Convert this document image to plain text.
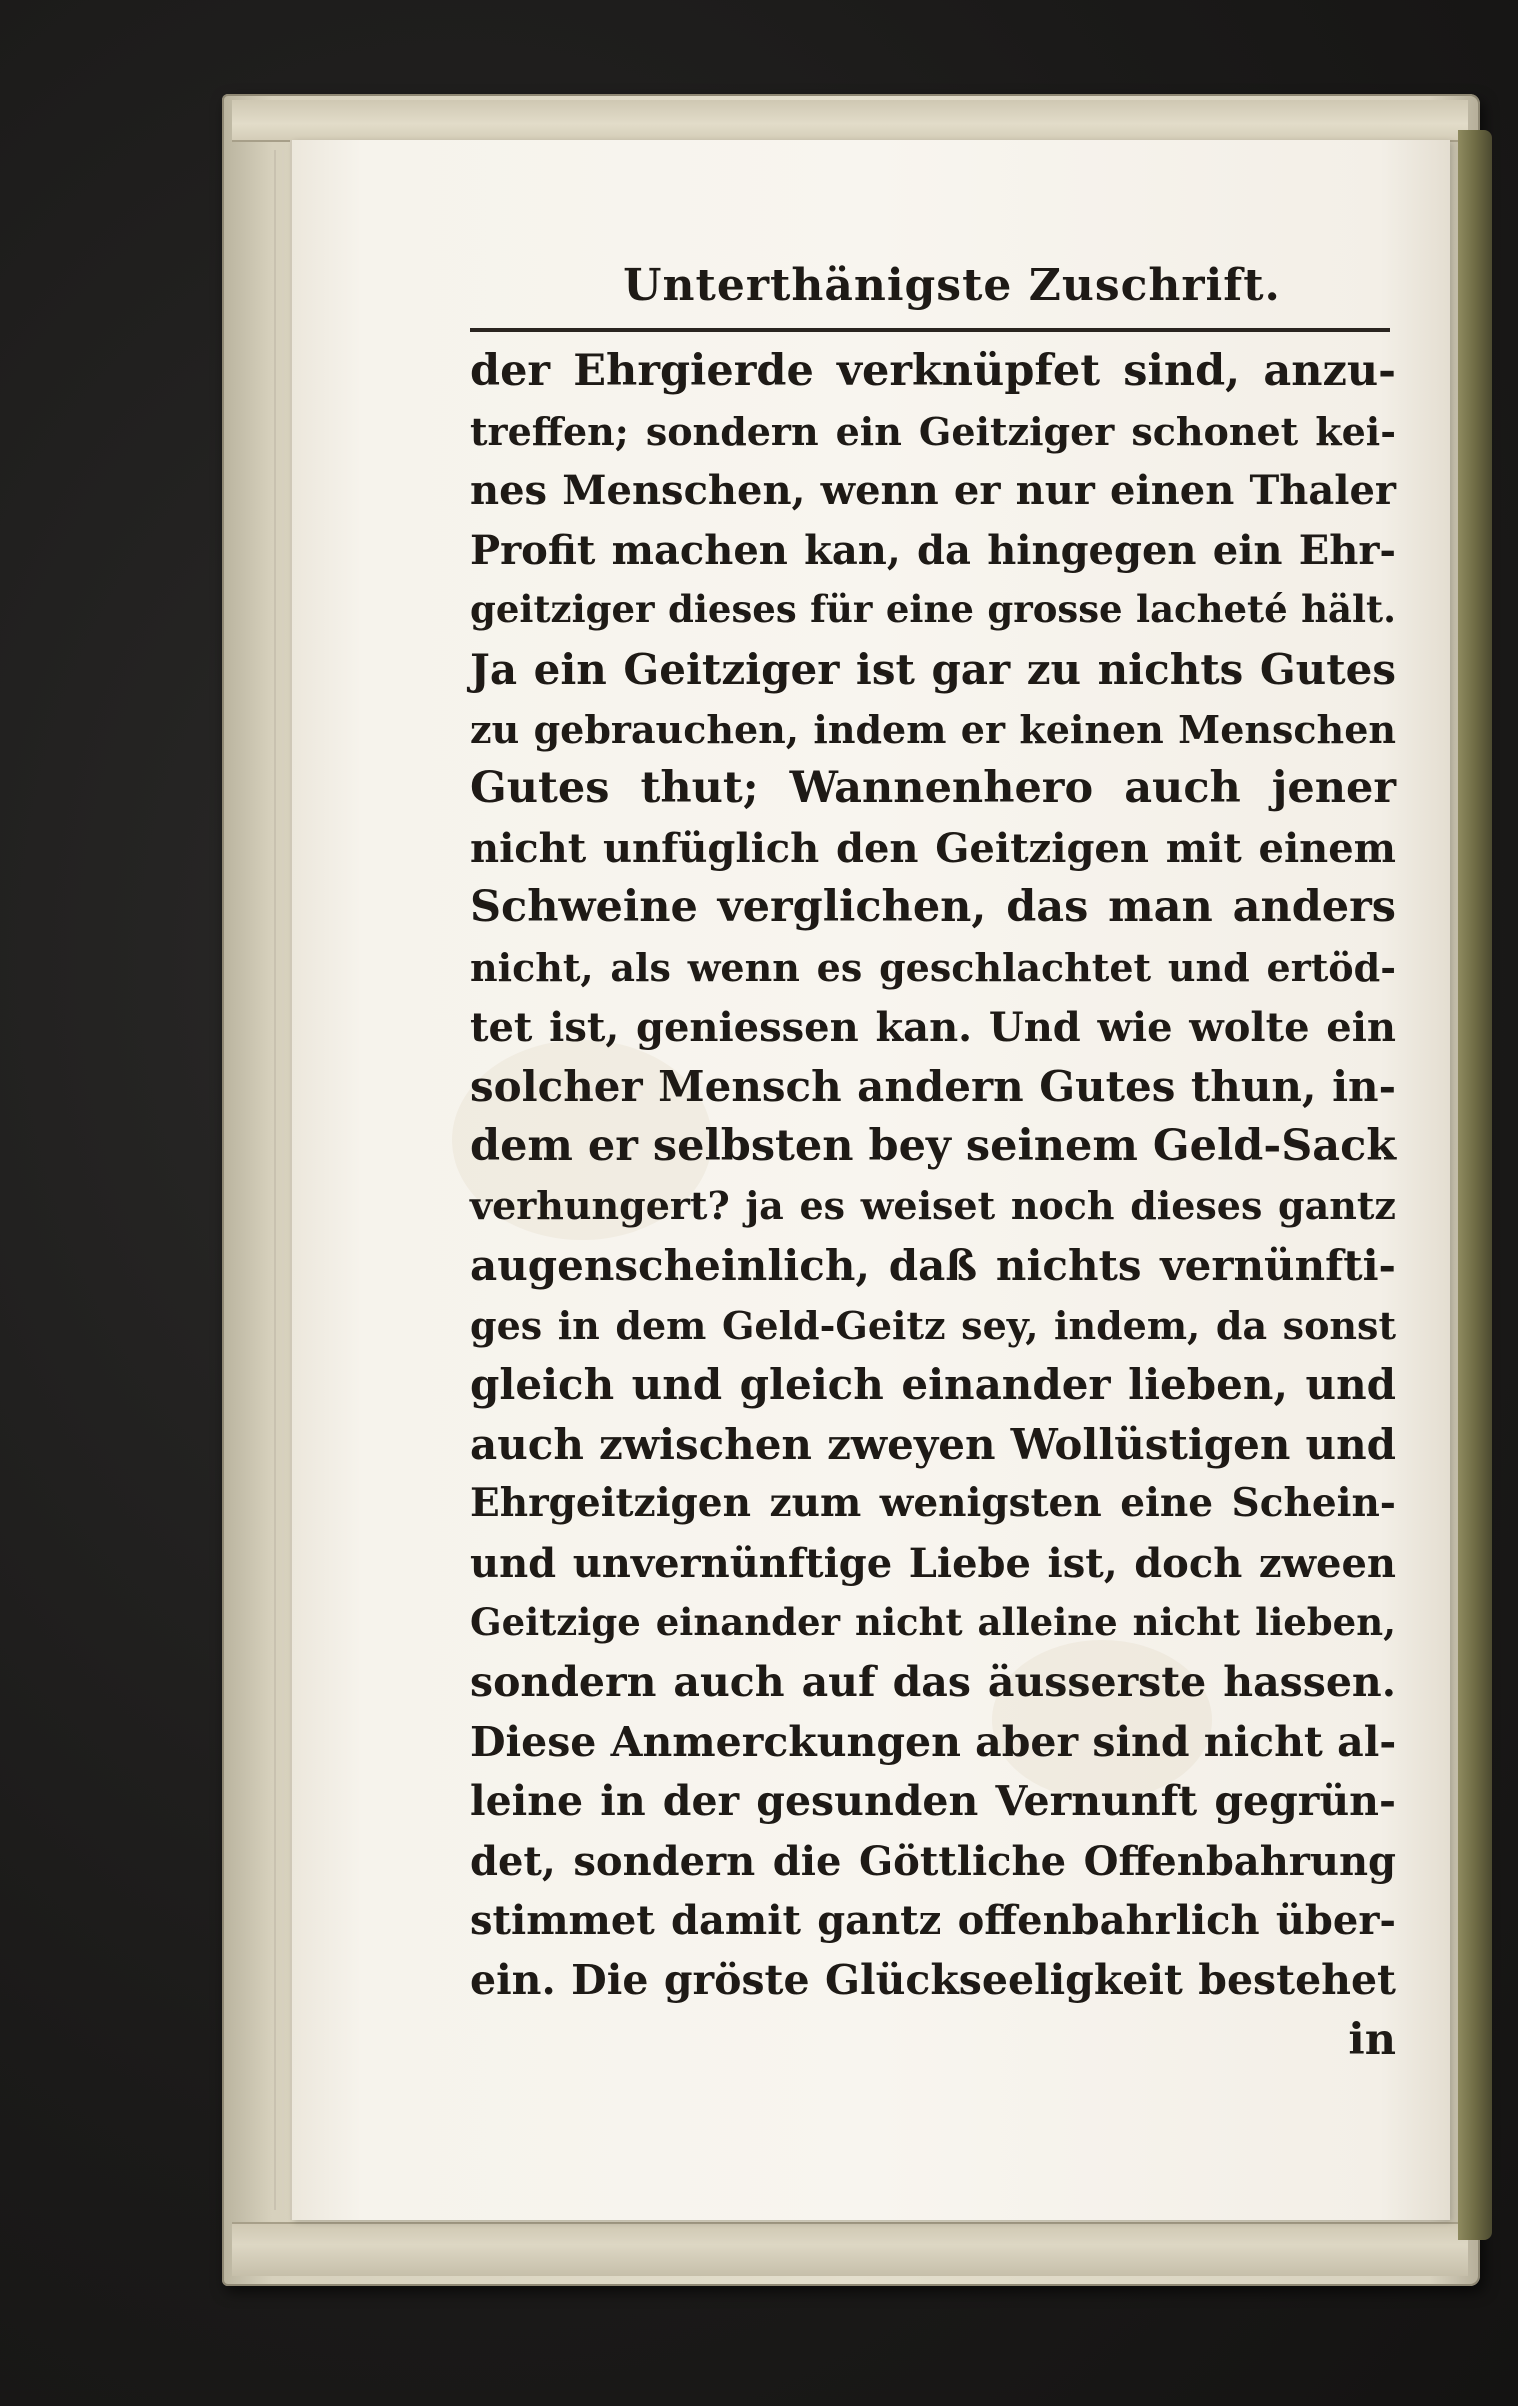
Unterthänigste Zuschrift.
der Ehrgierde verknüpfet sind, anzu-
treffen; sondern ein Geitziger schonet kei-
nes Menschen, wenn er nur einen Thaler
Profit machen kan, da hingegen ein Ehr-
geitziger dieses für eine grosse lacheté hält.
Ja ein Geitziger ist gar zu nichts Gutes
zu gebrauchen, indem er keinen Menschen
Gutes thut; Wannenhero auch jener
nicht unfüglich den Geitzigen mit einem
Schweine verglichen, das man anders
nicht, als wenn es geschlachtet und ertöd-
tet ist, geniessen kan. Und wie wolte ein
solcher Mensch andern Gutes thun, in-
dem er selbsten bey seinem Geld-Sack
verhungert? ja es weiset noch dieses gantz
augenscheinlich, daß nichts vernünfti-
ges in dem Geld-Geitz sey, indem, da sonst
gleich und gleich einander lieben, und
auch zwischen zweyen Wollüstigen und
Ehrgeitzigen zum wenigsten eine Schein-
und unvernünftige Liebe ist, doch zween
Geitzige einander nicht alleine nicht lieben,
sondern auch auf das äusserste hassen.
Diese Anmerckungen aber sind nicht al-
leine in der gesunden Vernunft gegrün-
det, sondern die Göttliche Offenbahrung
stimmet damit gantz offenbahrlich über-
ein. Die gröste Glückseeligkeit bestehet
in
